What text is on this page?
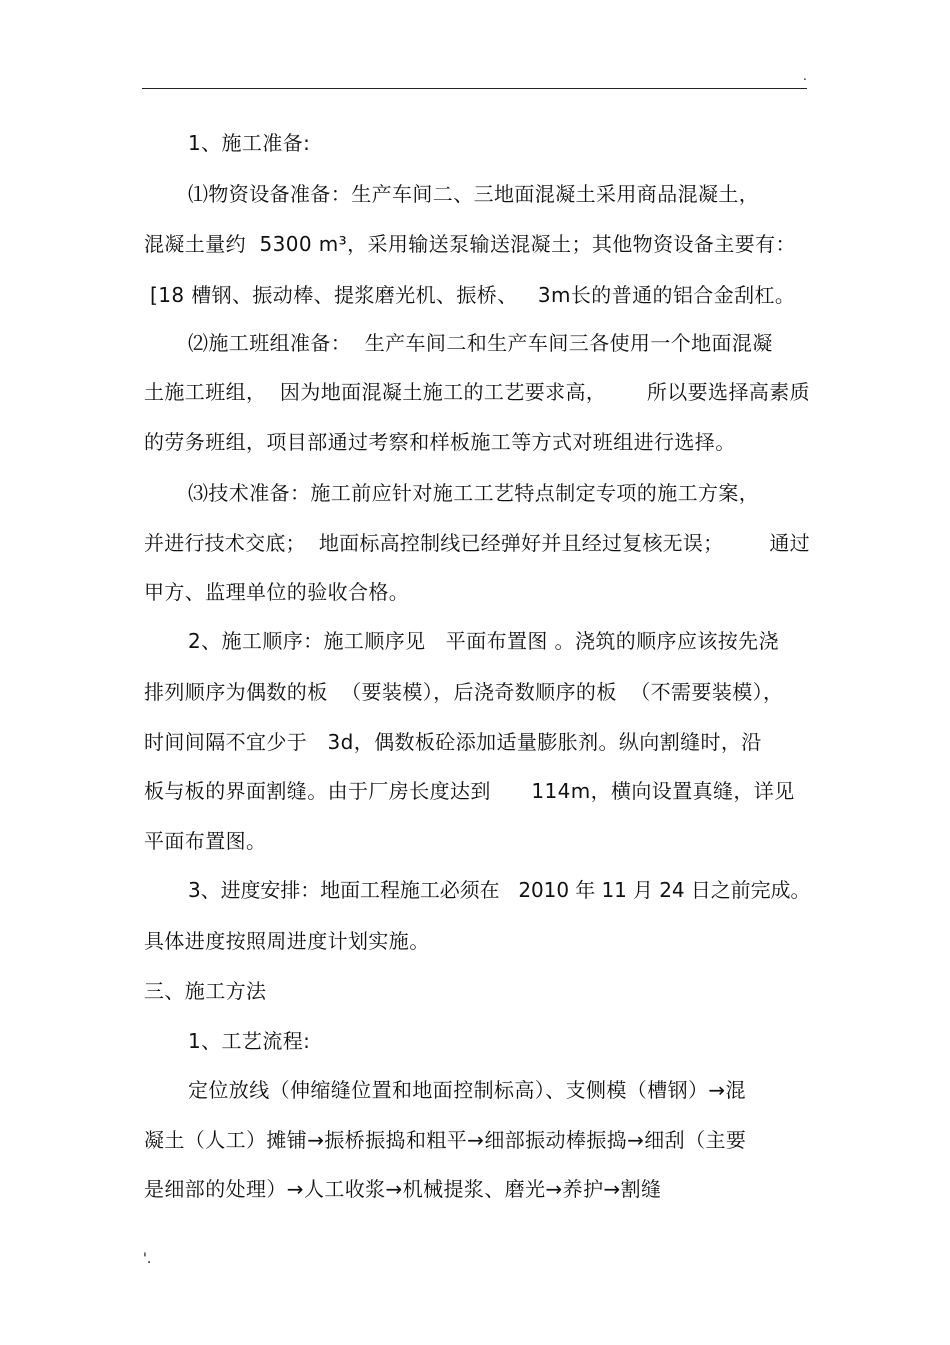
.
1、施工准备:
⑴物资设备准备：生产车间二、三地面混凝土采用商品混凝土，
混凝土量约  5300 m³，采用输送泵输送混凝土；其他物资设备主要有：
[18 槽钢、振动棒、提浆磨光机、振桥、   3m长的普通的铝合金刮杠。
⑵施工班组准备：  生产车间二和生产车间三各使用一个地面混凝
土施工班组，  因为地面混凝土施工的工艺要求高，      所以要选择高素质
的劳务班组，项目部通过考察和样板施工等方式对班组进行选择。
⑶技术准备：施工前应针对施工工艺特点制定专项的施工方案，
并进行技术交底；  地面标高控制线已经弹好并且经过复核无误；       通过
甲方、监理单位的验收合格。
2、施工顺序：施工顺序见   平面布置图 。浇筑的顺序应该按先浇
排列顺序为偶数的板  （要装模），后浇奇数顺序的板  （不需要装模），
时间间隔不宜少于   3d，偶数板砼添加适量膨胀剂。纵向割缝时，沿
板与板的界面割缝。由于厂房长度达到      114m，横向设置真缝，详见
平面布置图。
3、进度安排：地面工程施工必须在   2010 年 11 月 24 日之前完成。
具体进度按照周进度计划实施。
三、施工方法
1、工艺流程:
定位放线（伸缩缝位置和地面控制标高）、支侧模（槽钢）→混
凝土（人工）摊铺→振桥振捣和粗平→细部振动棒振捣→细刮（主要
是细部的处理）→人工收浆→机械提浆、磨光→养护→割缝
'.
